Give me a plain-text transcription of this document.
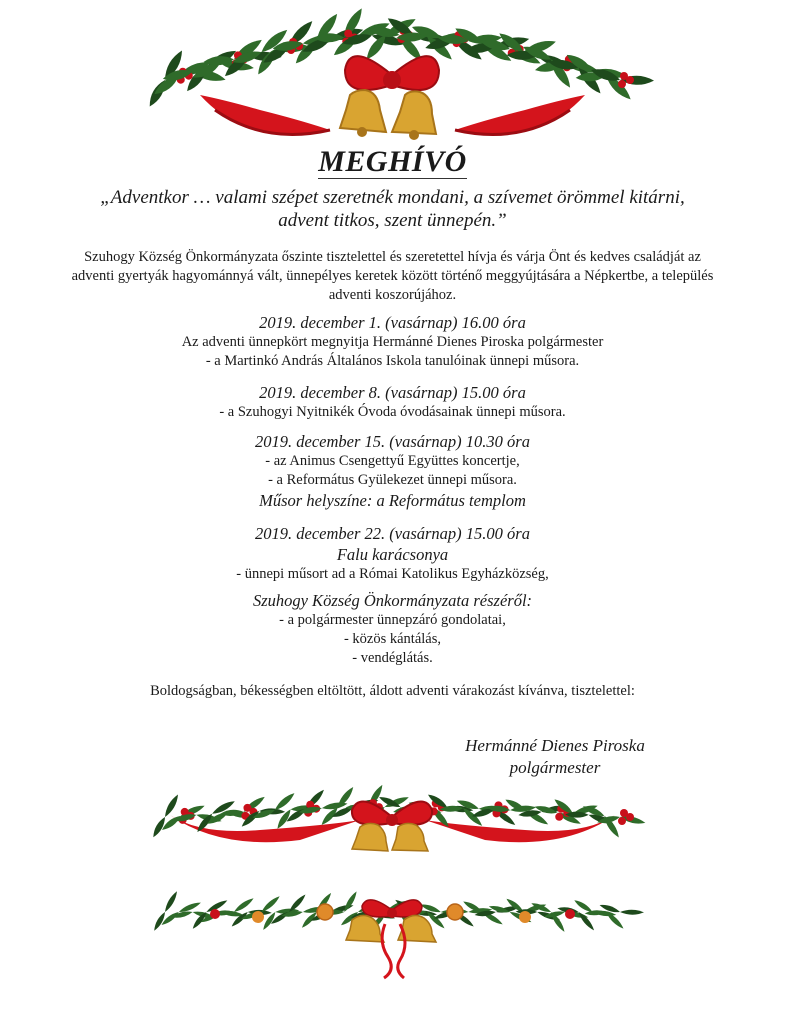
MEGHÍVÓ
„Adventkor … valami szépet szeretnék mondani, a szívemet örömmel kitárni,
advent titkos, szent ünnepén.”
Szuhogy Község Önkormányzata őszinte tisztelettel és szeretettel hívja és várja Önt és kedves családját az adventi gyertyák hagyománnyá vált, ünnepélyes keretek között történő meggyújtására a Népkertbe, a település adventi koszorújához.

2019. december 1. (vasárnap) 16.00 óra

Az adventi ünnepkört megnyitja Hermánné Dienes Piroska polgármester

- a Martinkó András Általános Iskola tanulóinak ünnepi műsora.

2019. december 8. (vasárnap) 15.00 óra

- a Szuhogyi Nyitnikék Óvoda óvodásainak ünnepi műsora.

2019. december 15. (vasárnap) 10.30 óra

- az Animus Csengettyű Együttes koncertje,

- a Református Gyülekezet ünnepi műsora.

Műsor helyszíne: a Református templom

2019. december 22. (vasárnap) 15.00 óra

Falu karácsonya

- ünnepi műsort ad a Római Katolikus Egyházközség,

Szuhogy Község Önkormányzata részéről:

- a polgármester ünnepzáró gondolatai,

- közös kántálás,

- vendéglátás.

Boldogságban, békességben eltöltött, áldott adventi várakozást kívánva, tisztelettel:
Hermánné Dienes Piroska
polgármester
